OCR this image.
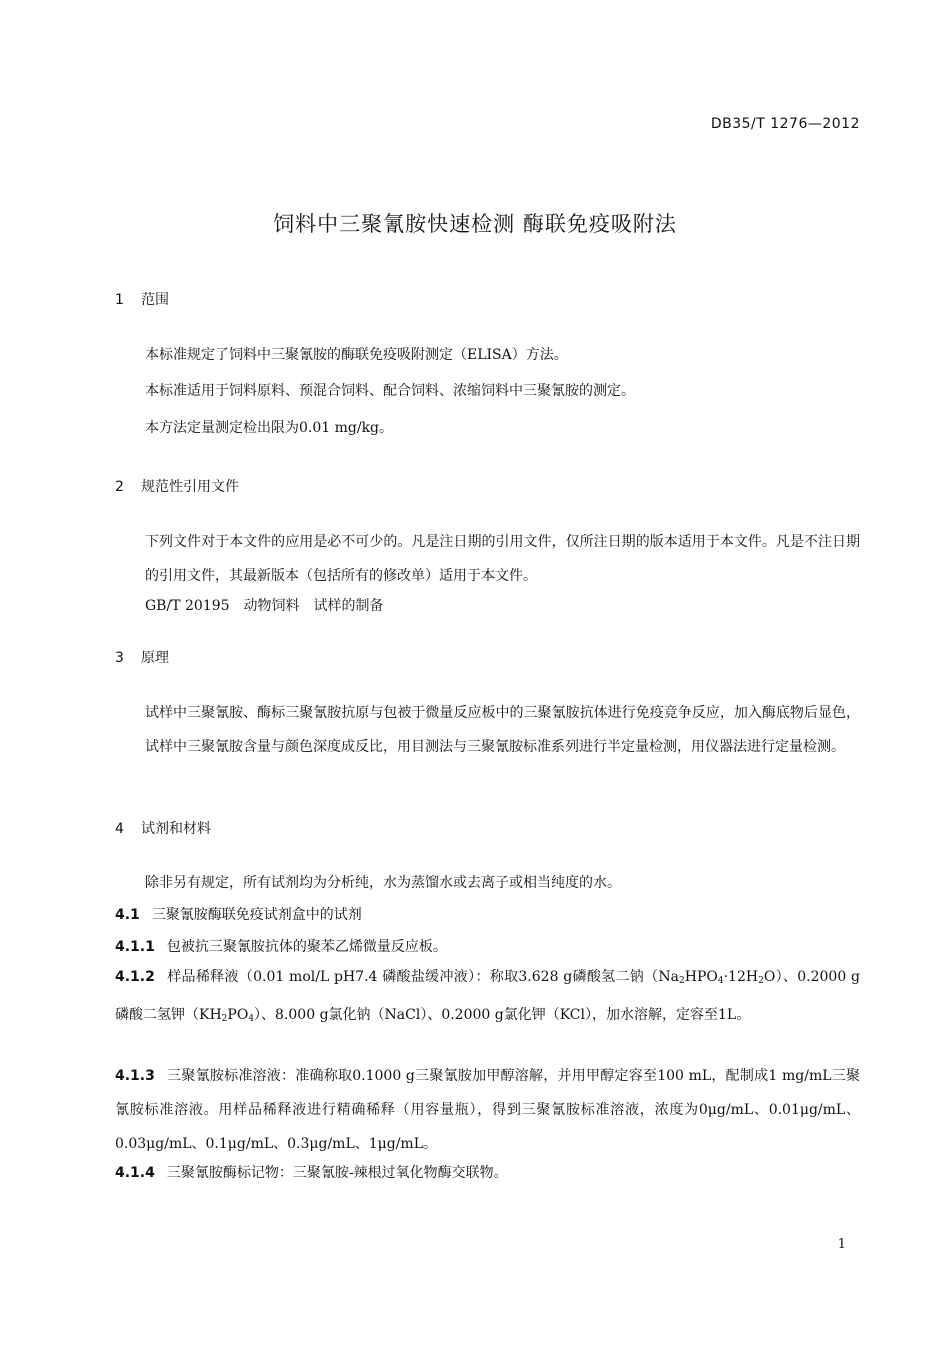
DB35/T 1276—2012
饲料中三聚氰胺快速检测 酶联免疫吸附法
1 范围
本标准规定了饲料中三聚氰胺的酶联免疫吸附测定（ELISA）方法。
本标准适用于饲料原料、预混合饲料、配合饲料、浓缩饲料中三聚氰胺的测定。
本方法定量测定检出限为0.01 mg/kg。
2 规范性引用文件
下列文件对于本文件的应用是必不可少的。凡是注日期的引用文件，仅所注日期的版本适用于本文件。凡是不注日期的引用文件，其最新版本（包括所有的修改单）适用于本文件。
GB/T 20195　动物饲料　试样的制备
3 原理
试样中三聚氰胺、酶标三聚氰胺抗原与包被于微量反应板中的三聚氰胺抗体进行免疫竞争反应，加入酶底物后显色，试样中三聚氰胺含量与颜色深度成反比，用目测法与三聚氰胺标准系列进行半定量检测，用仪器法进行定量检测。
4 试剂和材料
除非另有规定，所有试剂均为分析纯，水为蒸馏水或去离子或相当纯度的水。
4.1 三聚氰胺酶联免疫试剂盒中的试剂
4.1.1 包被抗三聚氰胺抗体的聚苯乙烯微量反应板。
4.1.2 样品稀释液（0.01 mol/L pH7.4 磷酸盐缓冲液）：称取3.628 g磷酸氢二钠$(Na_2HPO_4\cdot 12H_2O)$、0.2000 g磷酸二氢钾$(KH_2PO_4)$、8.000 g氯化钠（NaCl）、0.2000 g氯化钾（KCl），加水溶解，定容至1L。
4.1.3 三聚氰胺标准溶液：准确称取0.1000 g三聚氰胺加甲醇溶解，并用甲醇定容至100 mL，配制成1 mg/mL三聚氰胺标准溶液。用样品稀释液进行精确稀释（用容量瓶），得到三聚氰胺标准溶液，浓度为0μg/mL、0.01μg/mL、0.03μg/mL、0.1μg/mL、0.3μg/mL、1μg/mL。
4.1.4 三聚氰胺酶标记物：三聚氰胺-辣根过氧化物酶交联物。
1
